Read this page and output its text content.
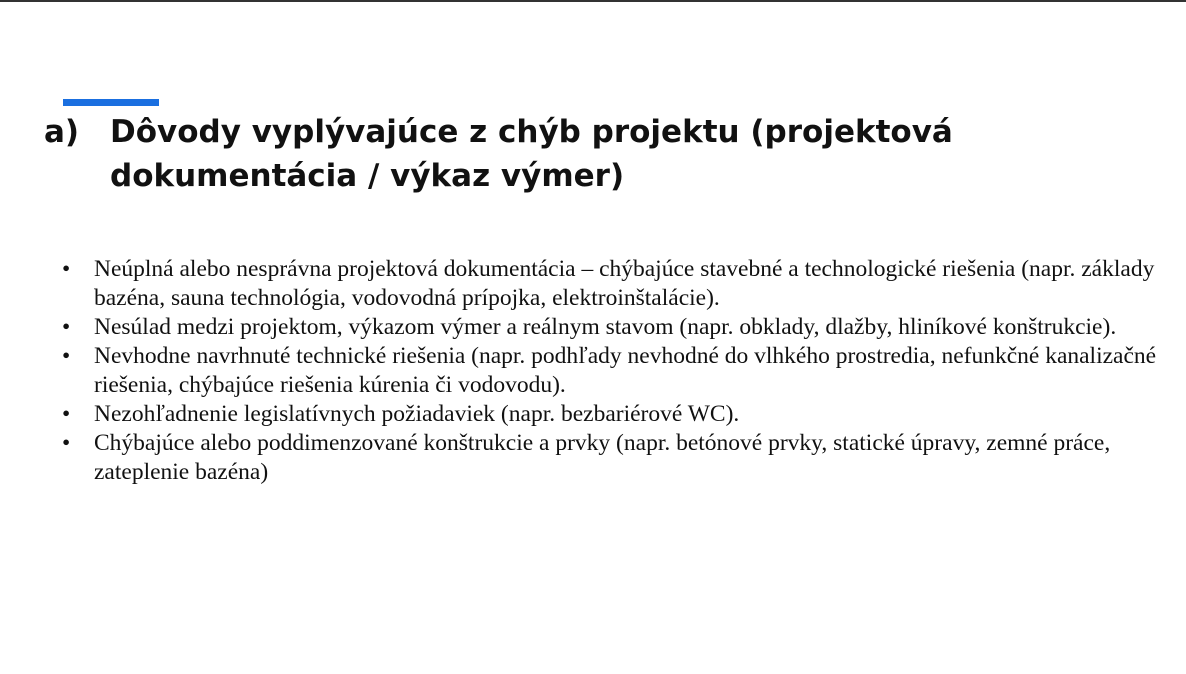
a) Dôvody vyplývajúce z chýb projektu (projektová dokumentácia / výkaz výmer)
•	Neúplná alebo nesprávna projektová dokumentácia – chýbajúce stavebné a technologické riešenia (napr. základy bazéna, sauna technológia, vodovodná prípojka, elektroinštalácie).
•	Nesúlad medzi projektom, výkazom výmer a reálnym stavom (napr. obklady, dlažby, hliníkové konštrukcie).
•	Nevhodne navrhnuté technické riešenia (napr. podhľady nevhodné do vlhkého prostredia, nefunkčné kanalizačné riešenia, chýbajúce riešenia kúrenia či vodovodu).
•	Nezohľadnenie legislatívnych požiadaviek (napr. bezbariérové WC).
•	Chýbajúce alebo poddimenzované konštrukcie a prvky (napr. betónové prvky, statické úpravy, zemné práce, zateplenie bazéna)
